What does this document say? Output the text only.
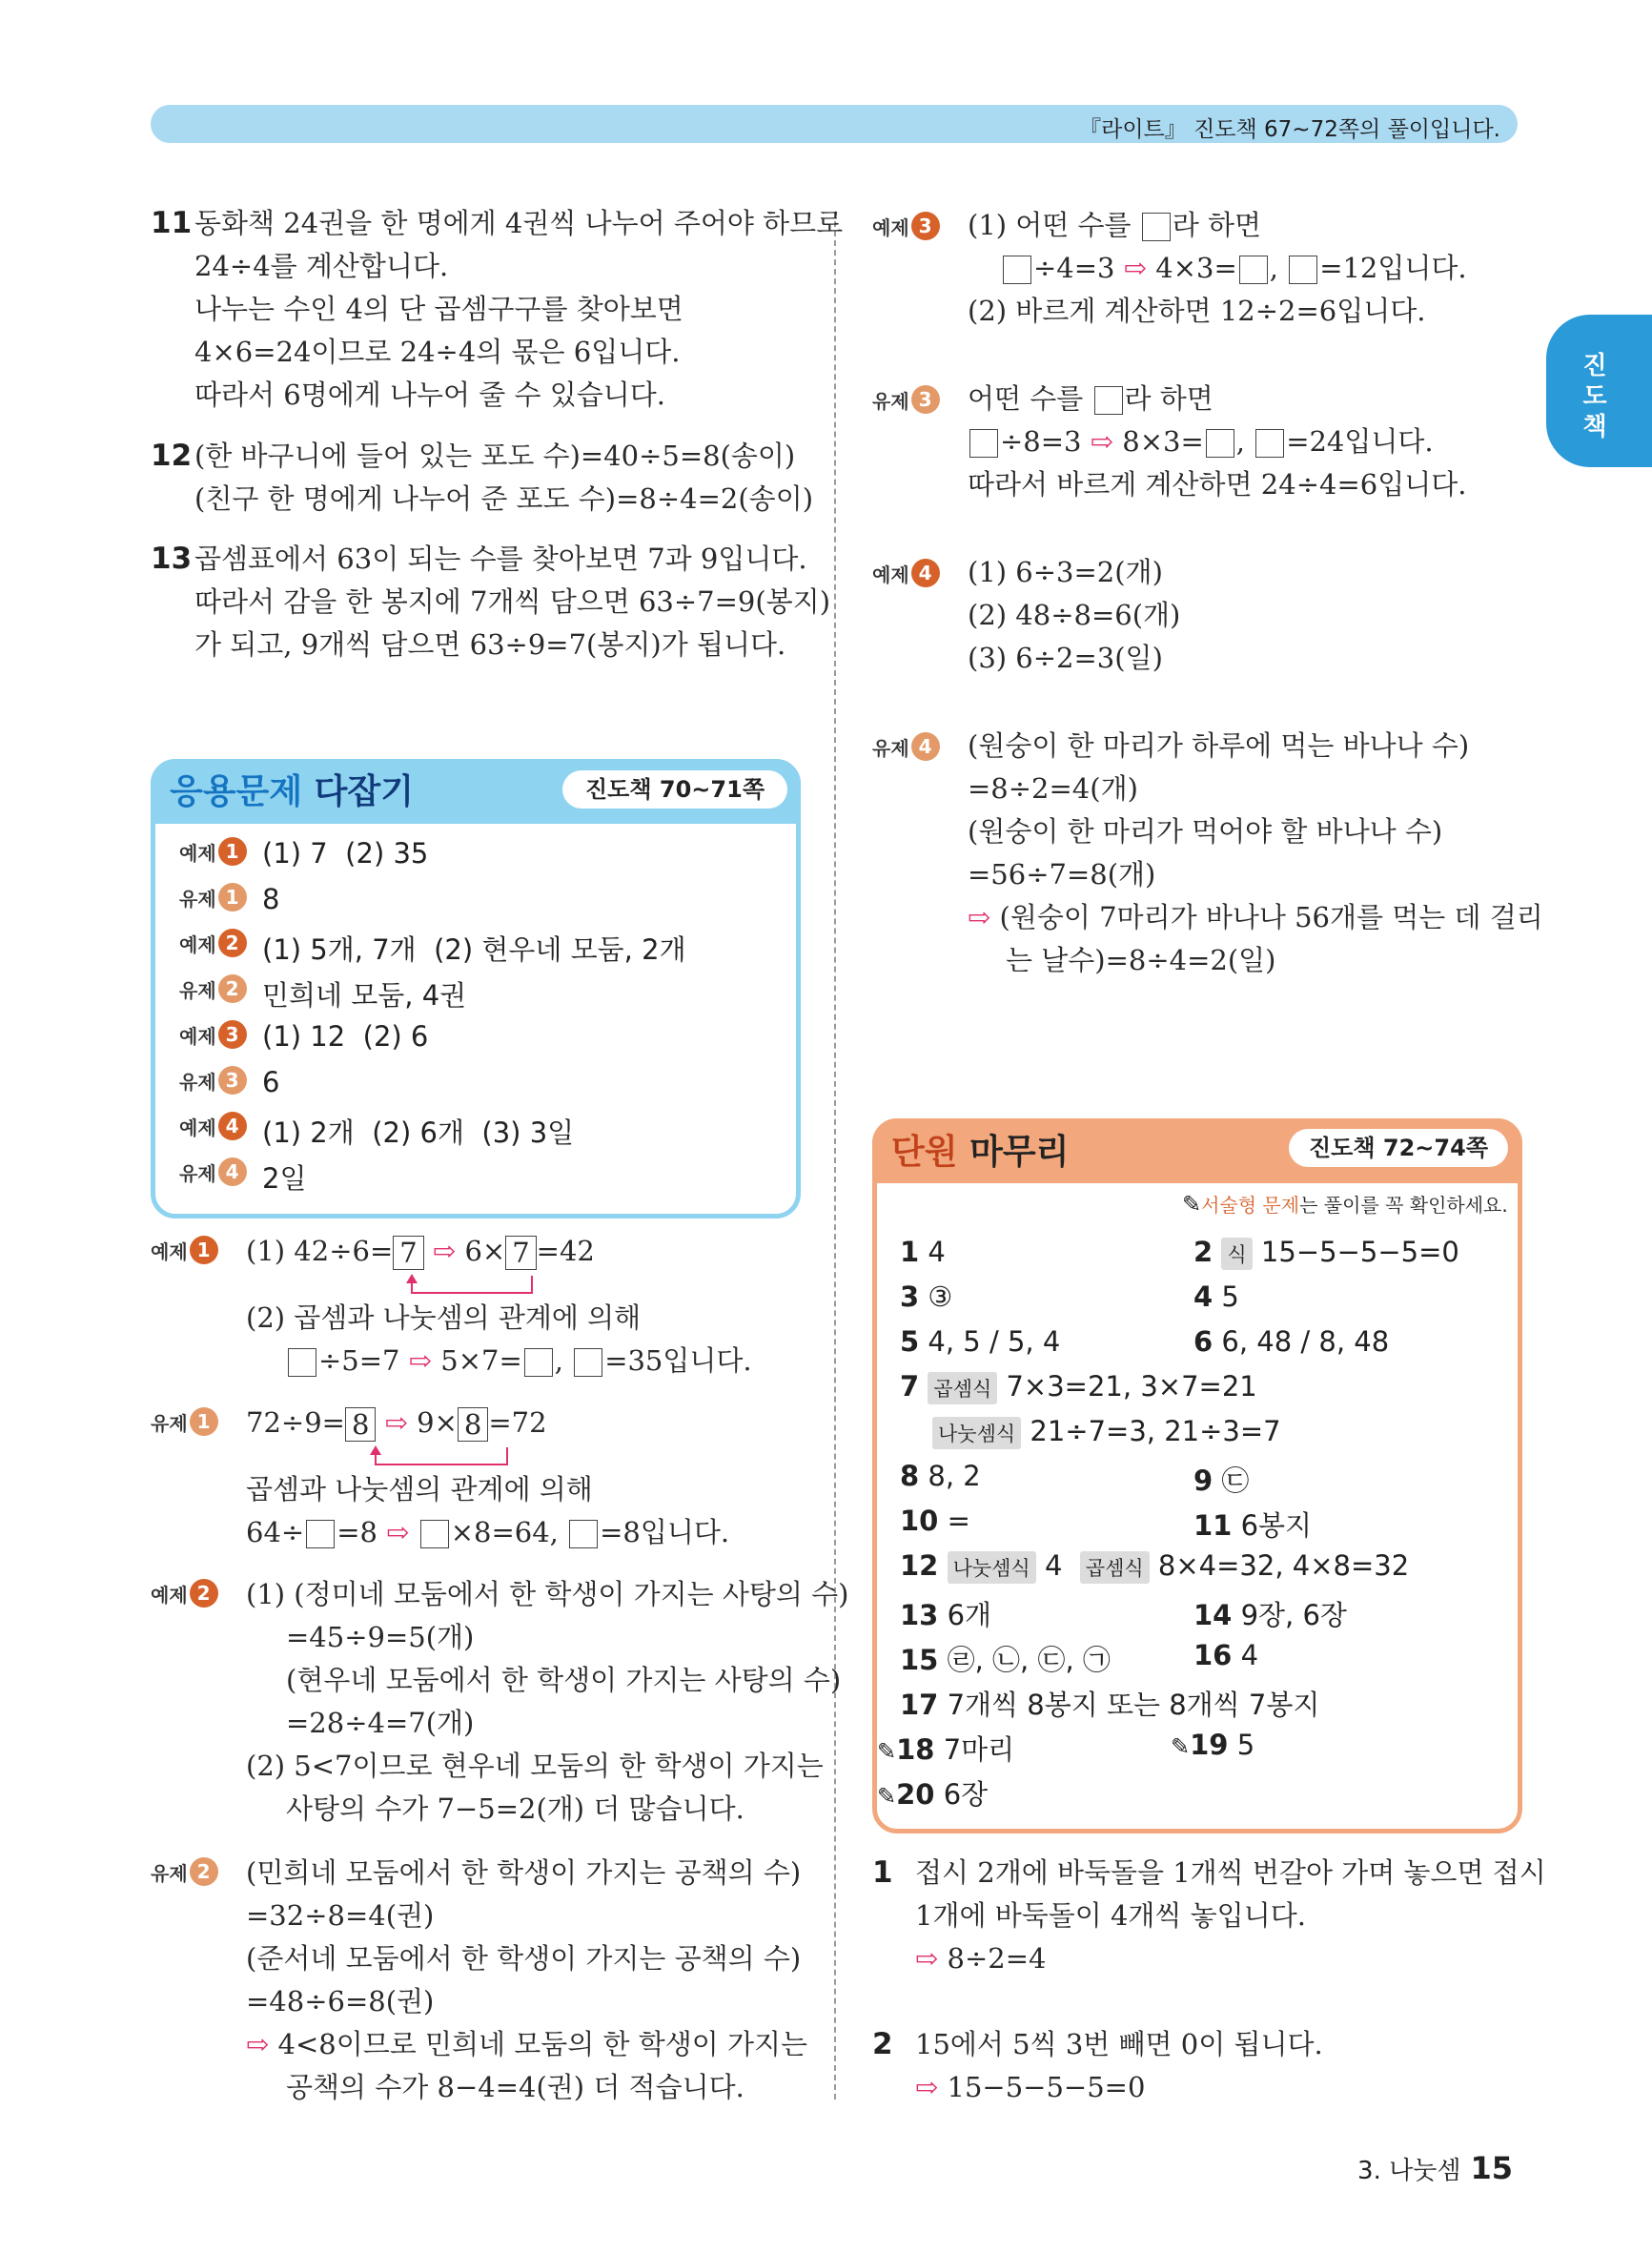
『라이트』 진도책 67~72쪽의 풀이입니다.
진도책
11 동화책 24권을 한 명에게 4권씩 나누어 주어야 하므로
24÷4를 계산합니다.
나누는 수인 4의 단 곱셈구구를 찾아보면
4×6=24이므로 24÷4의 몫은 6입니다.
따라서 6명에게 나누어 줄 수 있습니다.
12 (한 바구니에 들어 있는 포도 수)=40÷5=8(송이)
(친구 한 명에게 나누어 준 포도 수)=8÷4=2(송이)
13 곱셈표에서 63이 되는 수를 찾아보면 7과 9입니다.
따라서 감을 한 봉지에 7개씩 담으면 63÷7=9(봉지)
가 되고, 9개씩 담으면 63÷9=7(봉지)가 됩니다.
응용문제 다잡기	진도책 70~71쪽
예제 1 (1) 7  (2) 35
유제 1 8
예제 2 (1) 5개, 7개  (2) 현우네 모둠, 2개
유제 2 민희네 모둠, 4권
예제 3 (1) 12  (2) 6
유제 3 6
예제 4 (1) 2개  (2) 6개  (3) 3일
유제 4 2일
예제 1 (1) 42÷6= 7 ⇨ 6× 7 =42
(2) 곱셈과 나눗셈의 관계에 의해
÷5=7 ⇨ 5×7= , =35입니다.
유제 1 72÷9= 8 ⇨ 9× 8 =72
곱셈과 나눗셈의 관계에 의해
64÷ =8 ⇨ ×8=64, =8입니다.
예제 2 (1) (정미네 모둠에서 한 학생이 가지는 사탕의 수)
=45÷9=5(개)
(현우네 모둠에서 한 학생이 가지는 사탕의 수)
=28÷4=7(개)
(2) 5<7이므로 현우네 모둠의 한 학생이 가지는
사탕의 수가 7−5=2(개) 더 많습니다.
유제 2 (민희네 모둠에서 한 학생이 가지는 공책의 수)
=32÷8=4(권)
(준서네 모둠에서 한 학생이 가지는 공책의 수)
=48÷6=8(권)
⇨ 4<8이므로 민희네 모둠의 한 학생이 가지는
공책의 수가 8−4=4(권) 더 적습니다.
예제 3 (1) 어떤 수를 라 하면
÷4=3 ⇨ 4×3= , =12입니다.
(2) 바르게 계산하면 12÷2=6입니다.
유제 3 어떤 수를 라 하면
÷8=3 ⇨ 8×3= , =24입니다.
따라서 바르게 계산하면 24÷4=6입니다.
예제 4 (1) 6÷3=2(개)
(2) 48÷8=6(개)
(3) 6÷2=3(일)
유제 4 (원숭이 한 마리가 하루에 먹는 바나나 수)
=8÷2=4(개)
(원숭이 한 마리가 먹어야 할 바나나 수)
=56÷7=8(개)
⇨ (원숭이 7마리가 바나나 56개를 먹는 데 걸리
는 날수)=8÷4=2(일)
단원 마무리	진도책 72~74쪽
✎서술형 문제는 풀이를 꼭 확인하세요.
1 4	2 식 15−5−5−5=0
3 ③	4 5
5 4, 5 / 5, 4	6 6, 48 / 8, 48
7 곱셈식 7×3=21, 3×7=21
나눗셈식 21÷7=3, 21÷3=7
8 8, 2	9 ㉢
10 =	11 6봉지
12 나눗셈식 4 곱셈식 8×4=32, 4×8=32
13 6개	14 9장, 6장
15 ㉣, ㉡, ㉢, ㉠	16 4
17 7개씩 8봉지 또는 8개씩 7봉지
✎18 7마리	✎19 5
✎20 6장
1 접시 2개에 바둑돌을 1개씩 번갈아 가며 놓으면 접시
1개에 바둑돌이 4개씩 놓입니다.
⇨ 8÷2=4
2 15에서 5씩 3번 빼면 0이 됩니다.
⇨ 15−5−5−5=0
3. 나눗셈 15
